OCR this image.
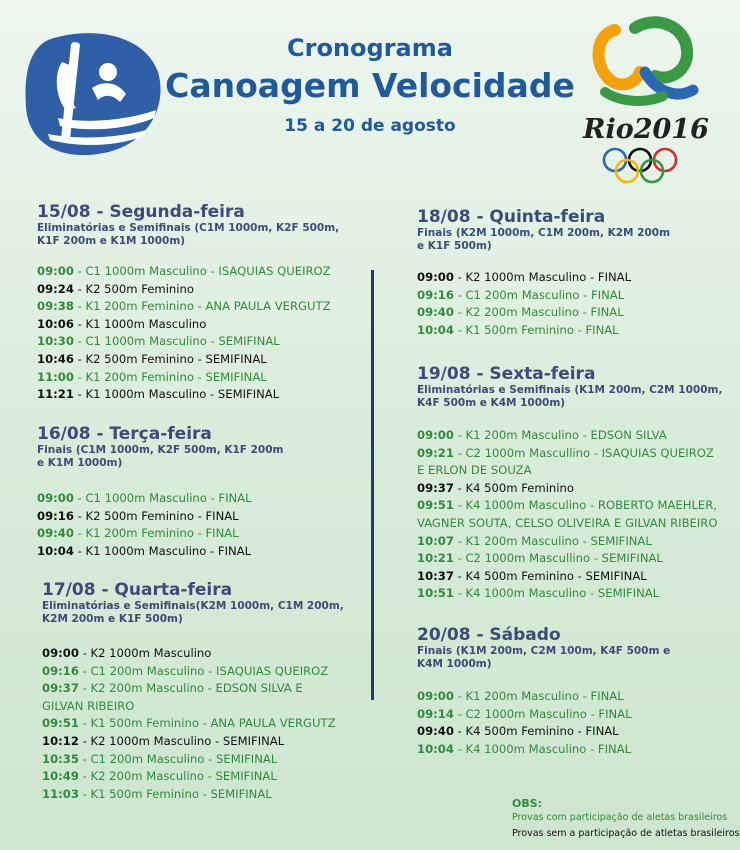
Cronograma
Canoagem Velocidade
15 a 20 de agosto	Rio2016
15/08 - Segunda-feira
Eliminatórias e Semifinais (C1M 1000m, K2F 500m,
K1F 200m e K1M 1000m)
09:00 - C1 1000m Masculino - ISAQUIAS QUEIROZ
09:24 - K2 500m Feminino
09:38 - K1 200m Feminino - ANA PAULA VERGUTZ
10:06 - K1 1000m Masculino
10:30 - C1 1000m Masculino - SEMIFINAL
10:46 - K2 500m Feminino - SEMIFINAL
11:00 - K1 200m Feminino - SEMIFINAL
11:21 - K1 1000m Masculino - SEMIFINAL
16/08 - Terça-feira
Finais (C1M 1000m, K2F 500m, K1F 200m
e K1M 1000m)
09:00 - C1 1000m Masculino - FINAL
09:16 - K2 500m Feminino - FINAL
09:40 - K1 200m Feminino - FINAL
10:04 - K1 1000m Masculino - FINAL
17/08 - Quarta-feira
Eliminatórias e Semifinais(K2M 1000m, C1M 200m,
K2M 200m e K1F 500m)
09:00 - K2 1000m Masculino
09:16 - C1 200m Masculino - ISAQUIAS QUEIROZ
09:37 - K2 200m Masculino - EDSON SILVA E
GILVAN RIBEIRO
09:51 - K1 500m Feminino - ANA PAULA VERGUTZ
10:12 - K2 1000m Masculino - SEMIFINAL
10:35 - C1 200m Masculino - SEMIFINAL
10:49 - K2 200m Masculino - SEMIFINAL
11:03 - K1 500m Feminino - SEMIFINAL
18/08 - Quinta-feira
Finais (K2M 1000m, C1M 200m, K2M 200m
e K1F 500m)
09:00 - K2 1000m Masculino - FINAL
09:16 - C1 200m Masculino - FINAL
09:40 - K2 200m Masculino - FINAL
10:04 - K1 500m Feminino - FINAL
19/08 - Sexta-feira
Eliminatórias e Semifinais (K1M 200m, C2M 1000m,
K4F 500m e K4M 1000m)
09:00 - K1 200m Masculino - EDSON SILVA
09:21 - C2 1000m Mascullino - ISAQUIAS QUEIROZ
E ERLON DE SOUZA
09:37 - K4 500m Feminino
09:51 - K4 1000m Masculino - ROBERTO MAEHLER,
VAGNER SOUTA, CELSO OLIVEIRA E GILVAN RIBEIRO
10:07 - K1 200m Masculino - SEMIFINAL
10:21 - C2 1000m Mascullino - SEMIFINAL
10:37 - K4 500m Feminino - SEMIFINAL
10:51 - K4 1000m Masculino - SEMIFINAL
20/08 - Sábado
Finais (K1M 200m, C2M 100m, K4F 500m e
K4M 1000m)
09:00 - K1 200m Masculino - FINAL
09:14 - C2 1000m Masculino - FINAL
09:40 - K4 500m Feminino - FINAL
10:04 - K4 1000m Masculino - FINAL
OBS:
Provas com participação de aletas brasileiros
Provas sem a participação de atletas brasileiros
